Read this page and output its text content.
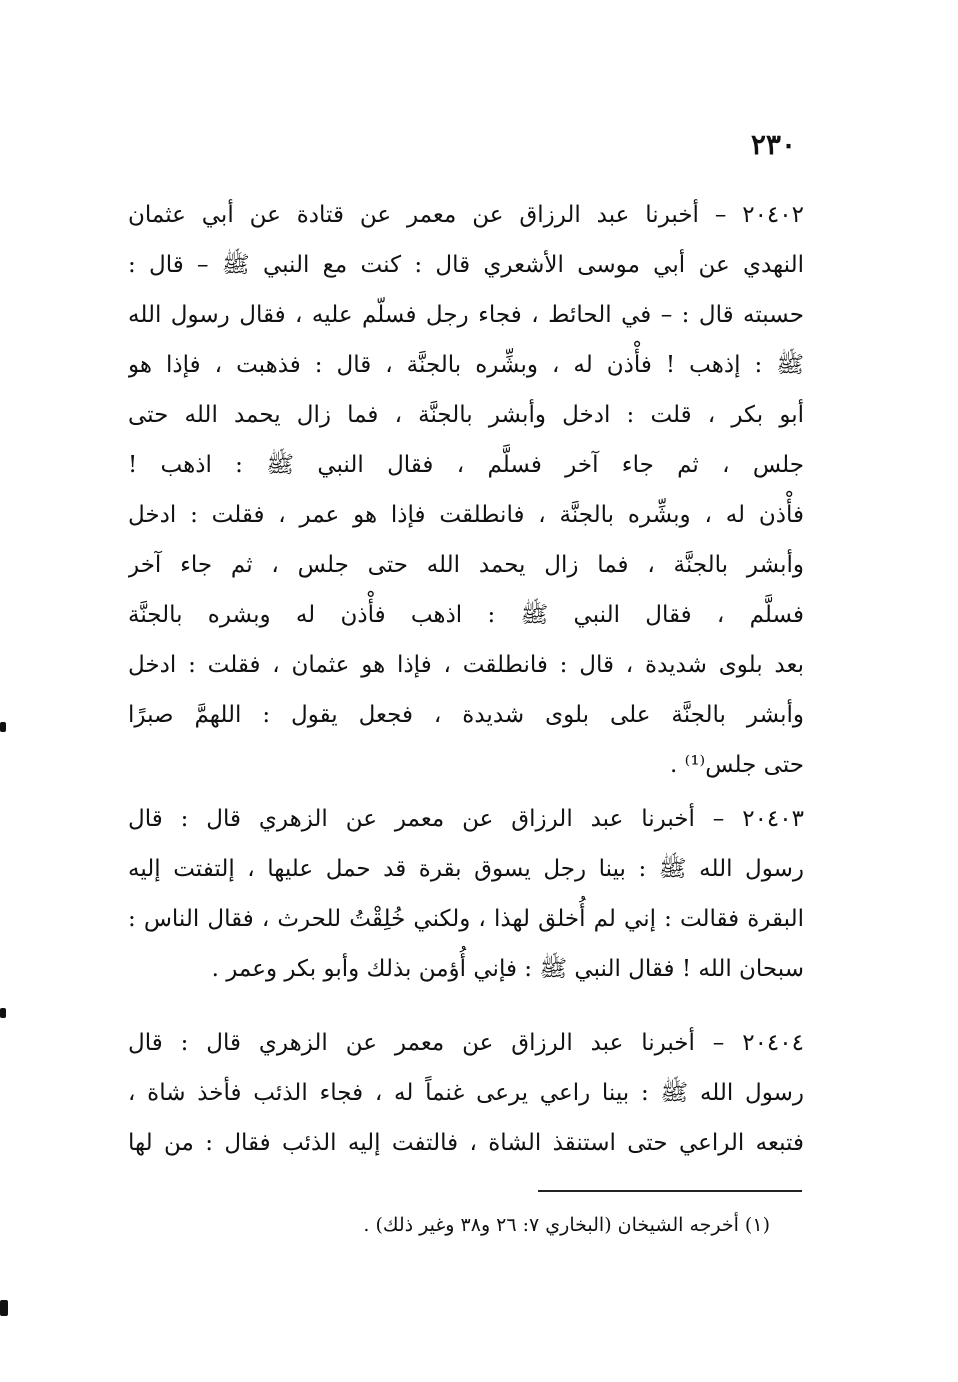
٢٣٠
٢٠٤٠٢ – أخبرنا عبد الرزاق عن معمر عن قتادة عن أبي عثمان
النهدي عن أبي موسى الأشعري قال : كنت مع النبي ﷺ – قال :
حسبته قال : – في الحائط ، فجاء رجل فسلّم عليه ، فقال رسول الله
ﷺ : إذهب ! فأْذن له ، وبشِّره بالجنَّة ، قال : فذهبت ، فإذا هو
أبو بكر ، قلت : ادخل وأبشر بالجنَّة ، فما زال يحمد الله حتى
جلس ، ثم جاء آخر فسلَّم ، فقال النبي ﷺ : اذهب !
فأْذن له ، وبشِّره بالجنَّة ، فانطلقت فإذا هو عمر ، فقلت : ادخل
وأبشر بالجنَّة ، فما زال يحمد الله حتى جلس ، ثم جاء آخر
فسلَّم ، فقال النبي ﷺ : اذهب فأْذن له وبشره بالجنَّة
بعد بلوى شديدة ، قال : فانطلقت ، فإذا هو عثمان ، فقلت : ادخل
وأبشر بالجنَّة على بلوى شديدة ، فجعل يقول : اللهمَّ صبرًا
حتى جلس⁽¹⁾ .
٢٠٤٠٣ – أخبرنا عبد الرزاق عن معمر عن الزهري قال : قال
رسول الله ﷺ : بينا رجل يسوق بقرة قد حمل عليها ، إلتفتت إليه
البقرة فقالت : إني لم أُخلق لهذا ، ولكني خُلِقْتُ للحرث ، فقال الناس :
سبحان الله ! فقال النبي ﷺ : فإني أُؤمن بذلك وأبو بكر وعمر .
٢٠٤٠٤ – أخبرنا عبد الرزاق عن معمر عن الزهري قال : قال
رسول الله ﷺ : بينا راعي يرعى غنماً له ، فجاء الذئب فأخذ شاة ،
فتبعه الراعي حتى استنقذ الشاة ، فالتفت إليه الذئب فقال : من لها
(١) أخرجه الشيخان (البخاري ٧: ٢٦ و٣٨ وغير ذلك) .
